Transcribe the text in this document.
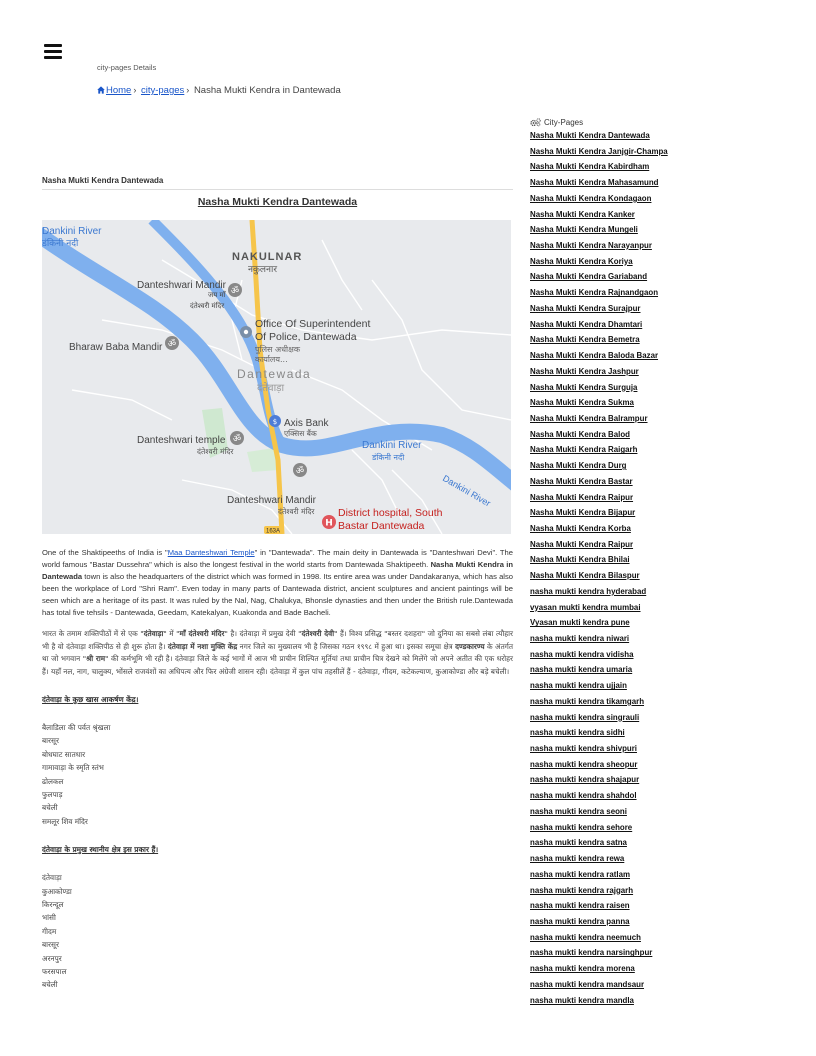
city-pages Details
Home › city-pages › Nasha Mukti Kendra in Dantewada
Nasha Mukti Kendra Dantewada
Nasha Mukti Kendra Dantewada
163A
Dankini River
डंकिनी नदी
NAKULNAR
नकुलनार
Danteshwari Mandir
जय माँ
दंतेश्वरी मंदिर
Office Of Superintendent
Of Police, Dantewada
पुलिस अधीक्षक
कार्यालय...
Bharaw Baba Mandir
Dantewada
दंतेवाड़ा
Axis Bank
एक्सिस बैंक
Danteshwari temple
दंतेश्वरी मंदिर
Dankini River
डंकिनी नदी
Dankini River
Danteshwari Mandir
दंतेश्वरी मंदिर District hospital, South
Bastar Dantewada
ॐ
ॐ
ॐ
ॐ
$
H

One of the Shaktipeeths of India is "Maa Danteshwari Temple" in "Dantewada". The main deity in Dantewada is "Danteshwari Devi". The world famous "Bastar Dussehra" which is also the longest festival in the world starts from Dantewada Shaktipeeth. Nasha Mukti Kendra in Dantewada town is also the headquarters of the district which was formed in 1998. Its entire area was under Dandakaranya, which has also been the workplace of Lord "Shri Ram". Even today in many parts of Dantewada district, ancient sculptures and ancient paintings will be seen which are a heritage of its past. It was ruled by the Nal, Nag, Chalukya, Bhonsle dynasties and then under the British rule.Dantewada has total five tehsils - Dantewada, Geedam, Katekalyan, Kuakonda and Bade Bacheli.

भारत के तमाम शक्तिपीठों में से एक "दंतेवाड़ा" में "माँ दंतेश्वरी मंदिर" है। दंतेवाड़ा में प्रमुख देवी "दंतेश्वरी देवी" हैं। विश्व प्रसिद्ध "बस्तर दशहरा" जो दुनिया का सबसे लंबा त्यौहार भी है वो दंतेवाड़ा शक्तिपीठ से ही शुरू होता है। दंतेवाड़ा में नशा मुक्ति केंद्र नगर जिले का मुख्यालय भी है जिसका गठन १९९८ में हुआ था। इसका समूचा क्षेत्र दण्डकारण्य के अंतर्गत था जो भगवान "श्री राम" की कर्मभूमि भी रही है। दंतेवाड़ा जिले के कई भागों में आज भी प्राचीन शिल्पित मूर्तियां तथा प्राचीन चित्र देखने को मिलेंगे जो अपने अतीत की एक धरोहर हैं। यहाँ नल, नाग, चालुक्य, भोंसले राजवंशों का अधिपत्य और फिर अंग्रेजी शासन रही। दंतेवाड़ा में कुल पांच तहसीलें हैं - दंतेवाड़ा, गीदम, कटेकल्याण, कुआकोण्डा और बड़े बचेली।

दंतेवाड़ा के कुछ खास आकर्षण केंद्र।
बैलाडिला की पर्वत श्रृंखला
बारसूर
बोधघाट सातधार
गामावाड़ा के स्मृति स्तंभ
ढोलकल
फुलपाड़
बचेली
समलूर शिव मंदिर
दंतेवाड़ा के प्रमुख स्थानीय क्षेत्र इस प्रकार हैं।
दंतेवाड़ा
कुआकोण्डा
किरन्दूल
भांसी
गीदम
बारसूर
अरनपुर
फरसपाल
बचेली
City-Pages
Nasha Mukti Kendra Dantewada
Nasha Mukti Kendra Janjgir-Champa
Nasha Mukti Kendra Kabirdham
Nasha Mukti Kendra Mahasamund
Nasha Mukti Kendra Kondagaon
Nasha Mukti Kendra Kanker
Nasha Mukti Kendra Mungeli
Nasha Mukti Kendra Narayanpur
Nasha Mukti Kendra Koriya
Nasha Mukti Kendra Gariaband
Nasha Mukti Kendra Rajnandgaon
Nasha Mukti Kendra Surajpur
Nasha Mukti Kendra Dhamtari
Nasha Mukti Kendra Bemetra
Nasha Mukti Kendra Baloda Bazar
Nasha Mukti Kendra Jashpur
Nasha Mukti Kendra Surguja
Nasha Mukti Kendra Sukma
Nasha Mukti Kendra Balrampur
Nasha Mukti Kendra Balod
Nasha Mukti Kendra Raigarh
Nasha Mukti Kendra Durg
Nasha Mukti Kendra Bastar
Nasha Mukti Kendra Raipur
Nasha Mukti Kendra Bijapur
Nasha Mukti Kendra Korba
Nasha Mukti Kendra Raipur
Nasha Mukti Kendra Bhilai
Nasha Mukti Kendra Bilaspur
nasha mukti kendra hyderabad
vyasan mukti kendra mumbai
Vyasan mukti kendra pune
nasha mukti kendra niwari
nasha mukti kendra vidisha
nasha mukti kendra umaria
nasha mukti kendra ujjain
nasha mukti kendra tikamgarh
nasha mukti kendra singrauli
nasha mukti kendra sidhi
nasha mukti kendra shivpuri
nasha mukti kendra sheopur
nasha mukti kendra shajapur
nasha mukti kendra shahdol
nasha mukti kendra seoni
nasha mukti kendra sehore
nasha mukti kendra satna
nasha mukti kendra rewa
nasha mukti kendra ratlam
nasha mukti kendra rajgarh
nasha mukti kendra raisen
nasha mukti kendra panna
nasha mukti kendra neemuch
nasha mukti kendra narsinghpur
nasha mukti kendra morena
nasha mukti kendra mandsaur
nasha mukti kendra mandla
